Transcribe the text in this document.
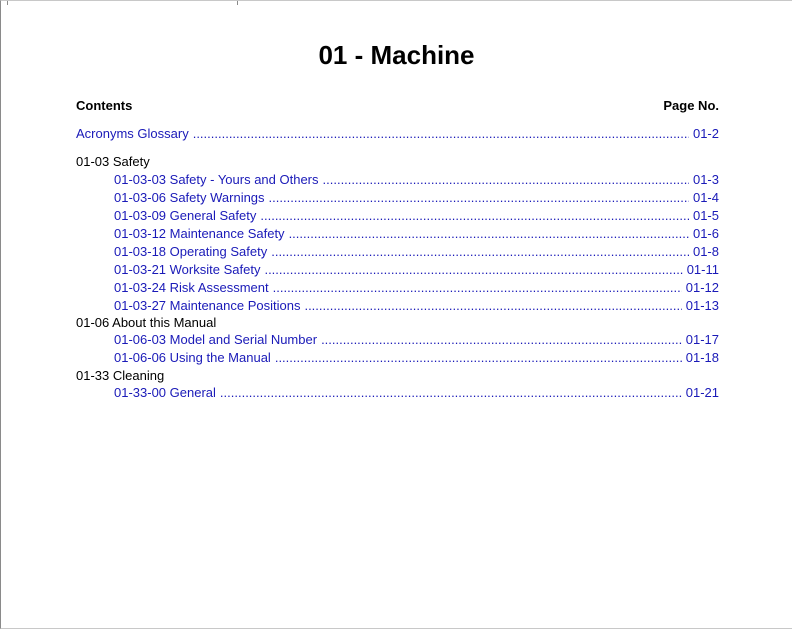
01 - Machine
Contents	Page No.
Acronyms Glossary .....	01-2
01-03 Safety
01-03-03 Safety - Yours and Others .....	01-3
01-03-06 Safety Warnings .....	01-4
01-03-09 General Safety .....	01-5
01-03-12 Maintenance Safety .....	01-6
01-03-18 Operating Safety .....	01-8
01-03-21 Worksite Safety .....	01-11
01-03-24 Risk Assessment .....	01-12
01-03-27 Maintenance Positions .....	01-13
01-06 About this Manual
01-06-03 Model and Serial Number .....	01-17
01-06-06 Using the Manual .....	01-18
01-33 Cleaning
01-33-00 General .....	01-21
